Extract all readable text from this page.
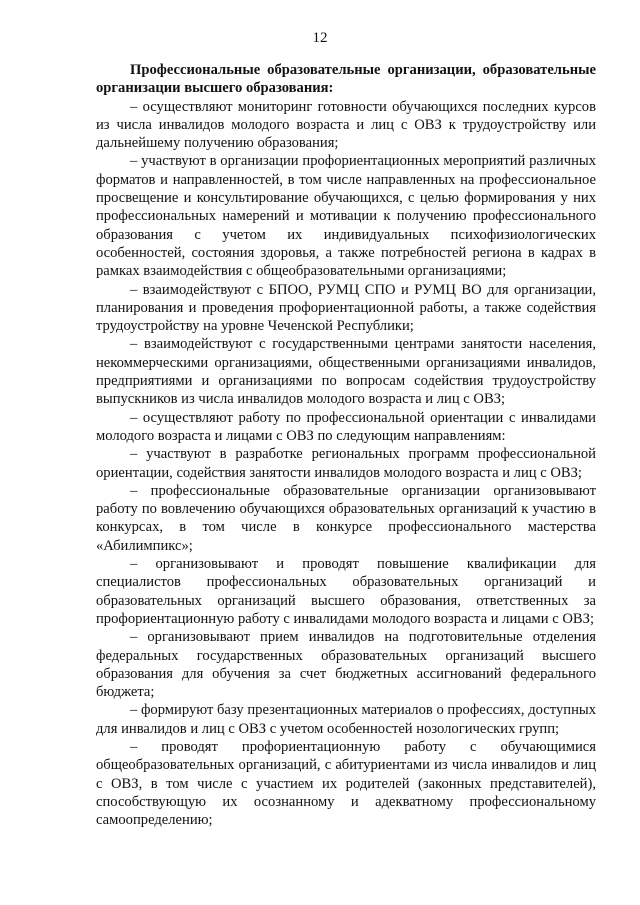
12

Профессиональные образовательные организации, образовательные организации высшего образования:

– осуществляют мониторинг готовности обучающихся последних курсов из числа инвалидов молодого возраста и лиц с ОВЗ к трудоустройству или дальнейшему получению образования;

– участвуют в организации профориентационных мероприятий различных форматов и направленностей, в том числе направленных на профессиональное просвещение и консультирование обучающихся, с целью формирования у них профессиональных намерений и мотивации к получению профессионального образования с учетом их индивидуальных психофизиологических особенностей, состояния здоровья, а также потребностей региона в кадрах в рамках взаимодействия с общеобразовательными организациями;

– взаимодействуют с БПОО, РУМЦ СПО и РУМЦ ВО для организации, планирования и проведения профориентационной работы, а также содействия трудоустройству на уровне Чеченской Республики;

– взаимодействуют с государственными центрами занятости населения, некоммерческими организациями, общественными организациями инвалидов, предприятиями и организациями по вопросам содействия трудоустройству выпускников из числа инвалидов молодого возраста и лиц с ОВЗ;

– осуществляют работу по профессиональной ориентации с инвалидами молодого возраста и лицами с ОВЗ по следующим направлениям:

– участвуют в разработке региональных программ профессиональной ориентации, содействия занятости инвалидов молодого возраста и лиц с ОВЗ;

– профессиональные образовательные организации организовывают работу по вовлечению обучающихся образовательных организаций к участию в конкурсах, в том числе в конкурсе профессионального мастерства «Абилимпикс»;

– организовывают и проводят повышение квалификации для специалистов профессиональных образовательных организаций и образовательных организаций высшего образования, ответственных за профориентационную работу с инвалидами молодого возраста и лицами с ОВЗ;

– организовывают прием инвалидов на подготовительные отделения федеральных государственных образовательных организаций высшего образования для обучения за счет бюджетных ассигнований федерального бюджета;

– формируют базу презентационных материалов о профессиях, доступных для инвалидов и лиц с ОВЗ с учетом особенностей нозологических групп;

– проводят профориентационную работу с обучающимися общеобразовательных организаций, с абитуриентами из числа инвалидов и лиц с ОВЗ, в том числе с участием их родителей (законных представителей), способствующую их осознанному и адекватному профессиональному самоопределению;
